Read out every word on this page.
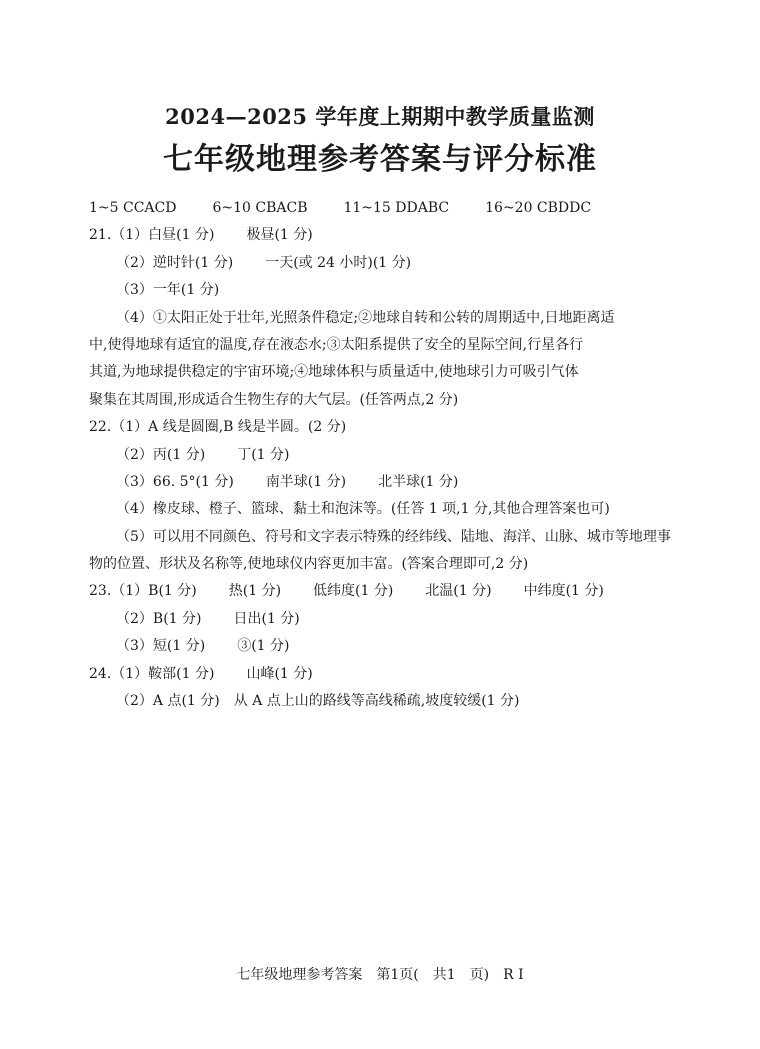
2024—2025 学年度上期期中教学质量监测
七年级地理参考答案与评分标准
1~5 CCACD	6~10 CBACB	11~15 DDABC	16~20 CBDDC
21.（1）白昼(1 分) 极昼(1 分)
（2）逆时针(1 分) 一天(或 24 小时)(1 分)
（3）一年(1 分)
（4）①太阳正处于壮年,光照条件稳定;②地球自转和公转的周期适中,日地距离适
中,使得地球有适宜的温度,存在液态水;③太阳系提供了安全的星际空间,行星各行
其道,为地球提供稳定的宇宙环境;④地球体积与质量适中,使地球引力可吸引气体
聚集在其周围,形成适合生物生存的大气层。(任答两点,2 分)
22.（1）A 线是圆圈,B 线是半圆。(2 分)
（2）丙(1 分) 丁(1 分)
（3）66. 5°(1 分) 南半球(1 分) 北半球(1 分)
（4）橡皮球、橙子、篮球、黏土和泡沫等。(任答 1 项,1 分,其他合理答案也可)
（5）可以用不同颜色、符号和文字表示特殊的经纬线、陆地、海洋、山脉、城市等地理事
物的位置、形状及名称等,使地球仪内容更加丰富。(答案合理即可,2 分)
23.（1）B(1 分) 热(1 分) 低纬度(1 分) 北温(1 分) 中纬度(1 分)
（2）B(1 分) 日出(1 分)
（3）短(1 分) ③(1 分)
24.（1）鞍部(1 分) 山峰(1 分)
（2）A 点(1 分) 从 A 点上山的路线等高线稀疏,坡度较缓(1 分)
七年级地理参考答案　第1页(　共1　页)　R I
